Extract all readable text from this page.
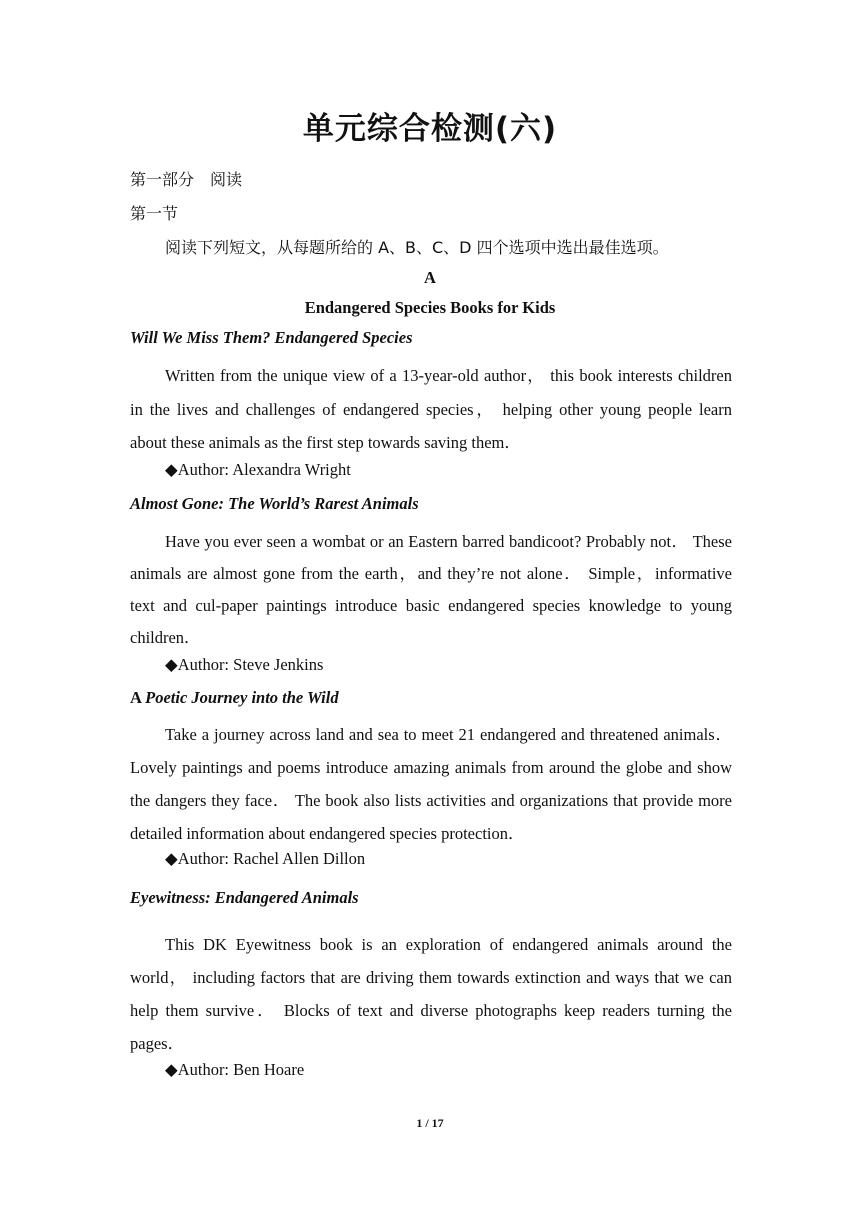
单元综合检测(六)
第一部分　阅读
第一节
阅读下列短文，从每题所给的 A、B、C、D 四个选项中选出最佳选项。
A
Endangered Species Books for Kids
Will We Miss Them? Endangered Species
Written from the unique view of a 13-year-old author， this book interests children in the lives and challenges of endangered species， helping other young people learn about these animals as the first step towards saving them．
◆Author: Alexandra Wright
Almost Gone: The World’s Rarest Animals
Have you ever seen a wombat or an Eastern barred bandicoot? Probably not． These animals are almost gone from the earth，and they’re not alone． Simple，informative text and cul-paper paintings introduce basic endangered species knowledge to young children．
◆Author: Steve Jenkins
A Poetic Journey into the Wild
Take a journey across land and sea to meet 21 endangered and threatened animals． Lovely paintings and poems introduce amazing animals from around the globe and show the dangers they face． The book also lists activities and organizations that provide more detailed information about endangered species protection．
◆Author: Rachel Allen Dillon
Eyewitness: Endangered Animals
This DK Eyewitness book is an exploration of endangered animals around the world， including factors that are driving them towards extinction and ways that we can help them survive． Blocks of text and diverse photographs keep readers turning the pages．
◆Author: Ben Hoare
1 / 17
